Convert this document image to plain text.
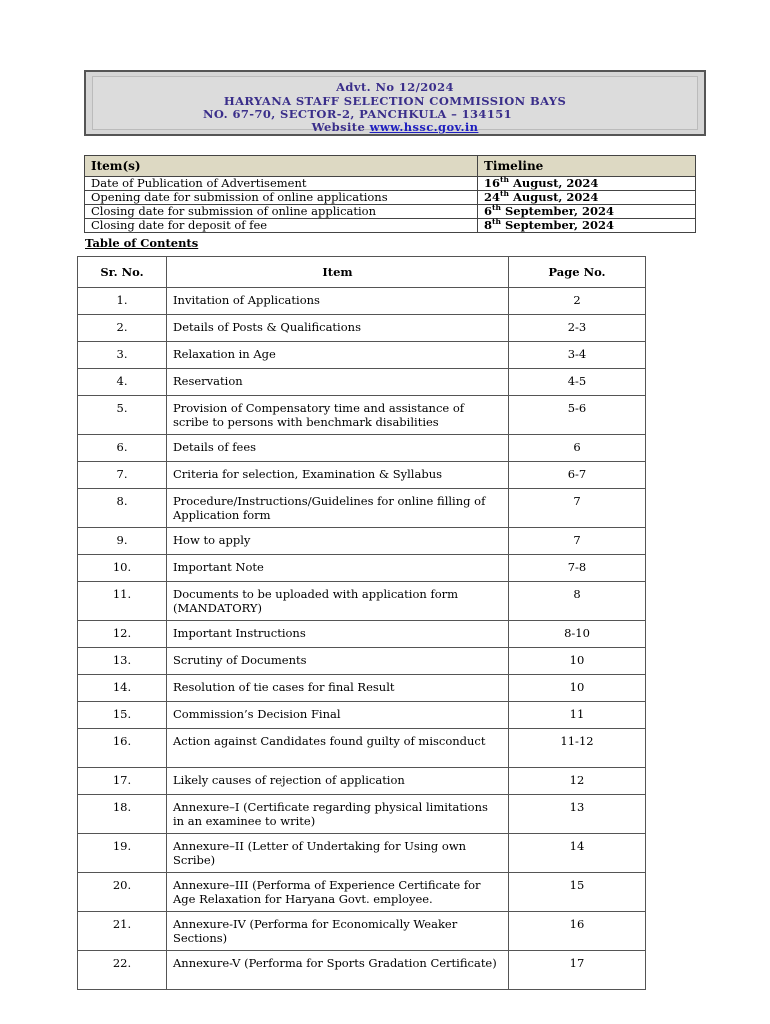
Advt. No 12/2024
HARYANA STAFF SELECTION COMMISSION BAYS
NO. 67-70, SECTOR-2, PANCHKULA – 134151
Website www.hssc.gov.in
Item(s)	Timeline
Date of Publication of Advertisement	16th August, 2024
Opening date for submission of online applications	24th August, 2024
Closing date for submission of online application	6th September, 2024
Closing date for deposit of fee	8th September, 2024
Table of Contents
Sr. No.	Item	Page No.
1.	Invitation of Applications	2
2.	Details of Posts & Qualifications	2-3
3.	Relaxation in Age	3-4
4.	Reservation	4-5
5.	Provision of Compensatory time and assistance of scribe to persons with benchmark disabilities	5-6
6.	Details of fees	6
7.	Criteria for selection, Examination & Syllabus	6-7
8.	Procedure/Instructions/Guidelines for online filling of Application form	7
9.	How to apply	7
10.	Important Note	7-8
11.	Documents to be uploaded with application form (MANDATORY)	8
12.	Important Instructions	8-10
13.	Scrutiny of Documents	10
14.	Resolution of tie cases for final Result	10
15.	Commission’s Decision Final	11
16.	Action against Candidates found guilty of misconduct	11-12
17.	Likely causes of rejection of application	12
18.	Annexure–I (Certificate regarding physical limitations in an examinee to write)	13
19.	Annexure–II (Letter of Undertaking for Using own Scribe)	14
20.	Annexure–III (Performa of Experience Certificate for Age Relaxation for Haryana Govt. employee.	15
21.	Annexure-IV (Performa for Economically Weaker Sections)	16
22.	Annexure-V (Performa for Sports Gradation Certificate)	17
